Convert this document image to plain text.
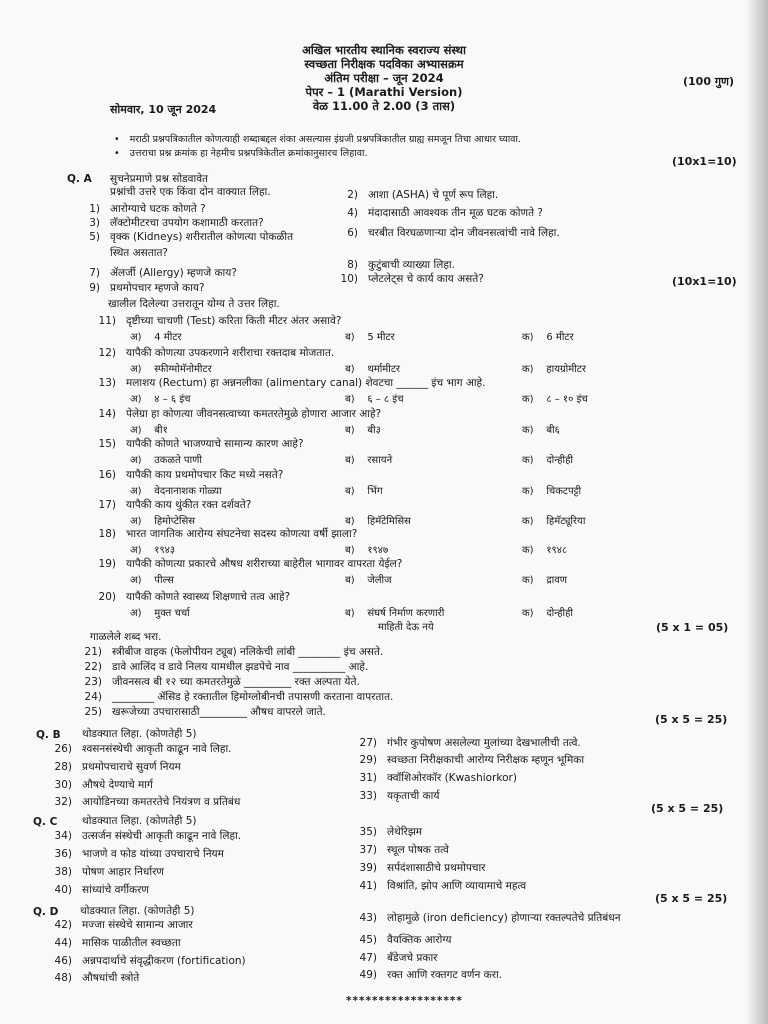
अखिल भारतीय स्थानिक स्वराज्य संस्था
स्वच्छता निरीक्षक पदविका अभ्यासक्रम
अंतिम परीक्षा – जून 2024
पेपर – 1 (Marathi Version)
वेळ 11.00 ते 2.00 (3 तास)
(100 गुण)
सोमवार, 10 जून 2024
• मराठी प्रश्नपत्रिकातील कोणत्याही शब्दाबद्दल शंका असल्यास इंग्रजी प्रश्नपत्रिकातील ग्राह्य समजून तिचा आधार घ्यावा.
• उत्तराचा प्रश्न क्रमांक हा नेहमीच प्रश्नपत्रिकेतील क्रमांकानुसारच लिहावा.
(10x1=10)
Q. A सुचनेप्रमाणे प्रश्न सोडवावेत
प्रश्नांची उत्तरे एक किंवा दोन वाक्यात लिहा.
(10x1=10)
खालील दिलेल्या उत्तरातून योग्य ते उत्तर लिहा.
(5 x 1 = 05)
गाळलेले शब्द भरा.
(5 x 5 = 25)
Q. B थोडक्यात लिहा. (कोणतेही 5)
(5 x 5 = 25)
Q. C थोडक्यात लिहा. (कोणतेही 5)
(5 x 5 = 25)
Q. D थोडक्यात लिहा. (कोणतेही 5)
******************
1) आरोग्याचे घटक कोणते ?
2) आशा (ASHA) चे पूर्ण रूप लिहा.
3) लॅक्टोमीटरचा उपयोग कशामाठी करतात?
4) मंदादासाठी आवश्यक तीन मूळ घटक कोणते ?
5) वृक्क (Kidneys) शरीरातील कोणत्या पोकळीत
स्थित असतात?
6) चरबीत विरघळणाऱ्या दोन जीवनसत्वांची नावे लिहा.
7) ॲलर्जी (Allergy) म्हणजे काय?
8) कुटुंबाची व्याख्या लिहा.
9) प्रथमोपचार म्हणजे काय?
10) प्लेटलेट्स चे कार्य काय असते?
11) दृष्टीच्या चाचणी (Test) करिता किती मीटर अंतर असावे?
अ) 4 मीटर	ब) 5 मीटर	क) 6 मीटर
12) यापैकी कोणत्या उपकरणाने शरीराचा रक्तदाब मोजतात.
अ) स्फीग्मोमॅनोमीटर	ब) थर्मामीटर	क) हायग्रोमीटर
13) मलाशय (Rectum) हा अन्ननलीका (alimentary canal) शेवटचा ______ इंच भाग आहे.
अ) ४ – ६ इंच	ब) ६ – ८ इंच	क) ८ – १० इंच
14) पेलेग्रा हा कोणत्या जीवनसत्वाच्या कमतरतेमुळे होणारा आजार आहे?
अ) बी१	ब) बी३	क) बी६
15) यापैकी कोणते भाजण्याचे सामान्य कारण आहे?
अ) उकळते पाणी	ब) रसायने	क) दोन्हीही
16) यापैकी काय प्रथमोपचार किट मध्ये नसते?
अ) वेदनानाशक गोळ्या	ब) भिंग	क) चिकटपट्टी
17) यापैकी काय थुंकीत रक्त दर्शवते?
अ) हिमोप्टेसिस	ब) हिमॅटेमिसिस	क) हिमॅट्यूरिया
18) भारत जागतिक आरोग्य संघटनेचा सदस्य कोणत्या वर्षी झाला?
अ) १९४३	ब) १९४७	क) १९४८
19) यापैकी कोणत्या प्रकारचे औषध शरीराच्या बाहेरील भागावर वापरता येईल?
अ) पील्स	ब) जेलीज	क) द्रावण
20) यापैकी कोणते स्वास्थ्य शिक्षणाचे तत्व आहे?
अ) मुक्त चर्चा	ब) संघर्ष निर्माण करणारी	क) दोन्हीही
माहिती देऊ नये
21) स्त्रीबीज वाहक (फेलोपीयन ट्यूब) नलिकेची लांबी ________ इंच असते.
22) डावे आलिंद व डावे निलय यामधील झडपेचे नाव __________ आहे.
23) जीवनसत्व बी १२ च्या कमतरतेमुळे _________ रक्त अल्पता येते.
24) ________ ॲसिड हे रक्तातील हिमोग्लोबीनची तपासणी करताना वापरतात.
25) खरूजेच्या उपचारासाठी_________ औषध वापरले जाते.
26) श्वसनसंस्थेची आकृती काढून नावे लिहा.
28) प्रथमोपचाराचे सुवर्ण नियम
30) औषधे देण्याचे मार्ग
32) आयोडिनच्या कमतरतेचे नियंत्रण व प्रतिबंध
27) गंभीर कुपोषण असलेल्या मुलांच्या देखभालीची तत्वे.
29) स्वच्छता निरीक्षकाची आरोग्य निरीक्षक म्हणून भूमिका
31) क्वॉशिओरकॉर (Kwashiorkor)
33) यकृताची कार्य
34) उत्सर्जन संस्थेची आकृती काढून नावे लिहा.
36) भाजणे व फोड यांच्या उपचाराचे नियम
38) पोषण आहार निर्धारण
40) सांध्यांचे वर्गीकरण
35) लेथेरिझम
37) स्थूल पोषक तत्वे
39) सर्पदंशासाठीचे प्रथमोपचार
41) विश्रांति, झोप आणि व्यायामाचे महत्व
42) मज्जा संस्थेचे सामान्य आजार
44) मासिक पाळीतील स्वच्छता
46) अन्नपदार्थाचे संवृद्धीकरण (fortification)
48) औषधांची स्त्रोते
43) लोहामुळे (iron deficiency) होणाऱ्या रक्तल्पतेचे प्रतिबंधन
45) वैयक्तिक आरोग्य
47) बँडेजचे प्रकार
49) रक्त आणि रक्तगट वर्णन करा.
